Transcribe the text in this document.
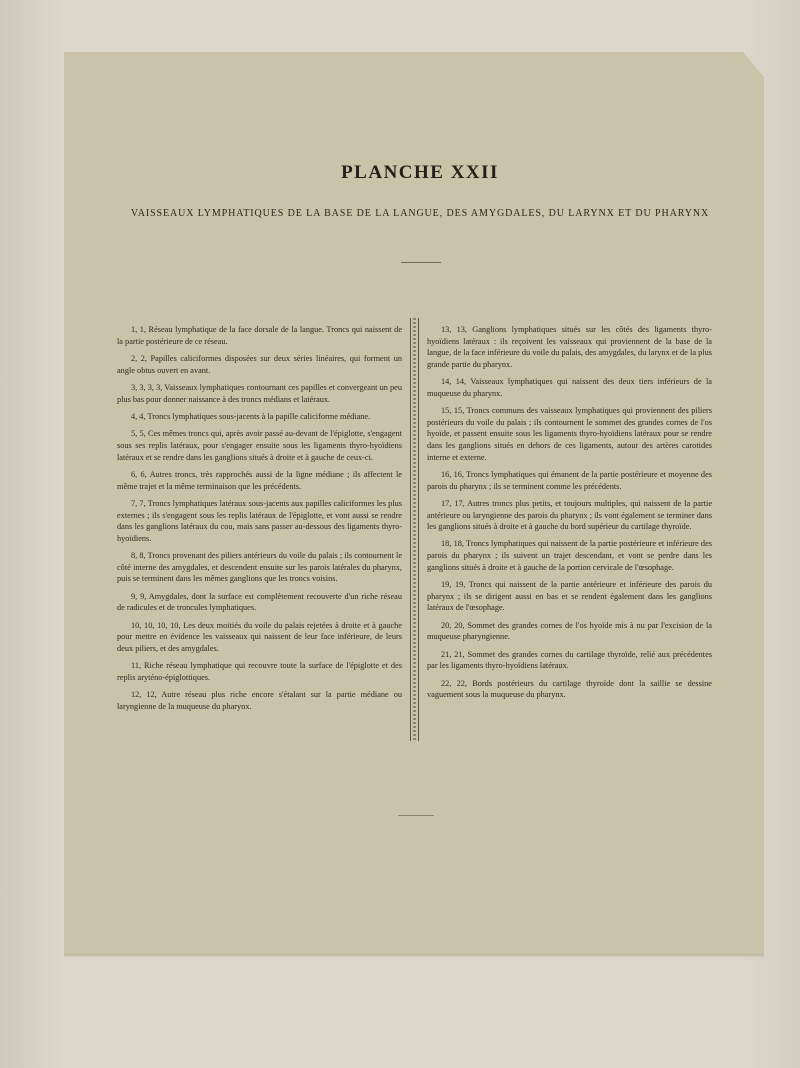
PLANCHE XXII
VAISSEAUX LYMPHATIQUES DE LA BASE DE LA LANGUE, DES AMYGDALES, DU LARYNX ET DU PHARYNX

1, 1, Réseau lymphatique de la face dorsale de la langue. Troncs qui naissent de la partie postérieure de ce réseau.

2, 2, Papilles caliciformes disposées sur deux séries linéaires, qui forment un angle obtus ouvert en avant.

3, 3, 3, 3, Vaisseaux lymphatiques contournant ces papilles et convergeant un peu plus bas pour donner naissance à des troncs médians et latéraux.

4, 4, Troncs lymphatiques sous-jacents à la papille caliciforme médiane.

5, 5, Ces mêmes troncs qui, après avoir passé au-devant de l'épiglotte, s'engagent sous ses replis latéraux, pour s'engager ensuite sous les ligaments thyro-hyoïdiens latéraux et se rendre dans les ganglions situés à droite et à gauche de ceux-ci.

6, 6, Autres troncs, très rapprochés aussi de la ligne médiane ; ils affectent le même trajet et la même terminaison que les précédents.

7, 7, Troncs lymphatiques latéraux sous-jacents aux papilles caliciformes les plus externes ; ils s'engagent sous les replis latéraux de l'épiglotte, et vont aussi se rendre dans les ganglions latéraux du cou, mais sans passer au-dessous des ligaments thyro-hyoïdiens.

8, 8, Troncs provenant des piliers antérieurs du voile du palais ; ils contournent le côté interne des amygdales, et descendent ensuite sur les parois latérales du pharynx, puis se terminent dans les mêmes ganglions que les troncs voisins.

9, 9, Amygdales, dont la surface est complètement recouverte d'un riche réseau de radicules et de troncules lymphatiques.

10, 10, 10, 10, Les deux moitiés du voile du palais rejetées à droite et à gauche pour mettre en évidence les vaisseaux qui naissent de leur face inférieure, de leurs deux piliers, et des amygdales.

11, Riche réseau lymphatique qui recouvre toute la surface de l'épiglotte et des replis aryténo-épiglottiques.

12, 12, Autre réseau plus riche encore s'étalant sur la partie médiane ou laryngienne de la muqueuse du pharynx.

13, 13, Ganglions lymphatiques situés sur les côtés des ligaments thyro-hyoïdiens latéraux : ils reçoivent les vaisseaux qui proviennent de la base de la langue, de la face inférieure du voile du palais, des amygdales, du larynx et de la plus grande partie du pharynx.

14, 14, Vaisseaux lymphatiques qui naissent des deux tiers inférieurs de la muqueuse du pharynx.

15, 15, Troncs communs des vaisseaux lymphatiques qui proviennent des piliers postérieurs du voile du palais ; ils contournent le sommet des grandes cornes de l'os hyoïde, et passent ensuite sous les ligaments thyro-hyoïdiens latéraux pour se rendre dans les ganglions situés en dehors de ces ligaments, autour des artères carotides interne et externe.

16, 16, Troncs lymphatiques qui émanent de la partie postérieure et moyenne des parois du pharynx ; ils se terminent comme les précédents.

17, 17, Autres troncs plus petits, et toujours multiples, qui naissent de la partie antérieure ou laryngienne des parois du pharynx ; ils vont également se terminer dans les ganglions situés à droite et à gauche du bord supérieur du cartilage thyroïde.

18, 18, Troncs lymphatiques qui naissent de la partie postérieure et inférieure des parois du pharynx ; ils suivent un trajet descendant, et vont se perdre dans les ganglions situés à droite et à gauche de la portion cervicale de l'œsophage.

19, 19, Troncs qui naissent de la partie antérieure et inférieure des parois du pharynx ; ils se dirigent aussi en bas et se rendent également dans les ganglions latéraux de l'œsophage.

20, 20, Sommet des grandes cornes de l'os hyoïde mis à nu par l'excision de la muqueuse pharyngienne.

21, 21, Sommet des grandes cornes du cartilage thyroïde, relié aux précédentes par les ligaments thyro-hyoïdiens latéraux.

22, 22, Bords postérieurs du cartilage thyroïde dont la saillie se dessine vaguement sous la muqueuse du pharynx.
